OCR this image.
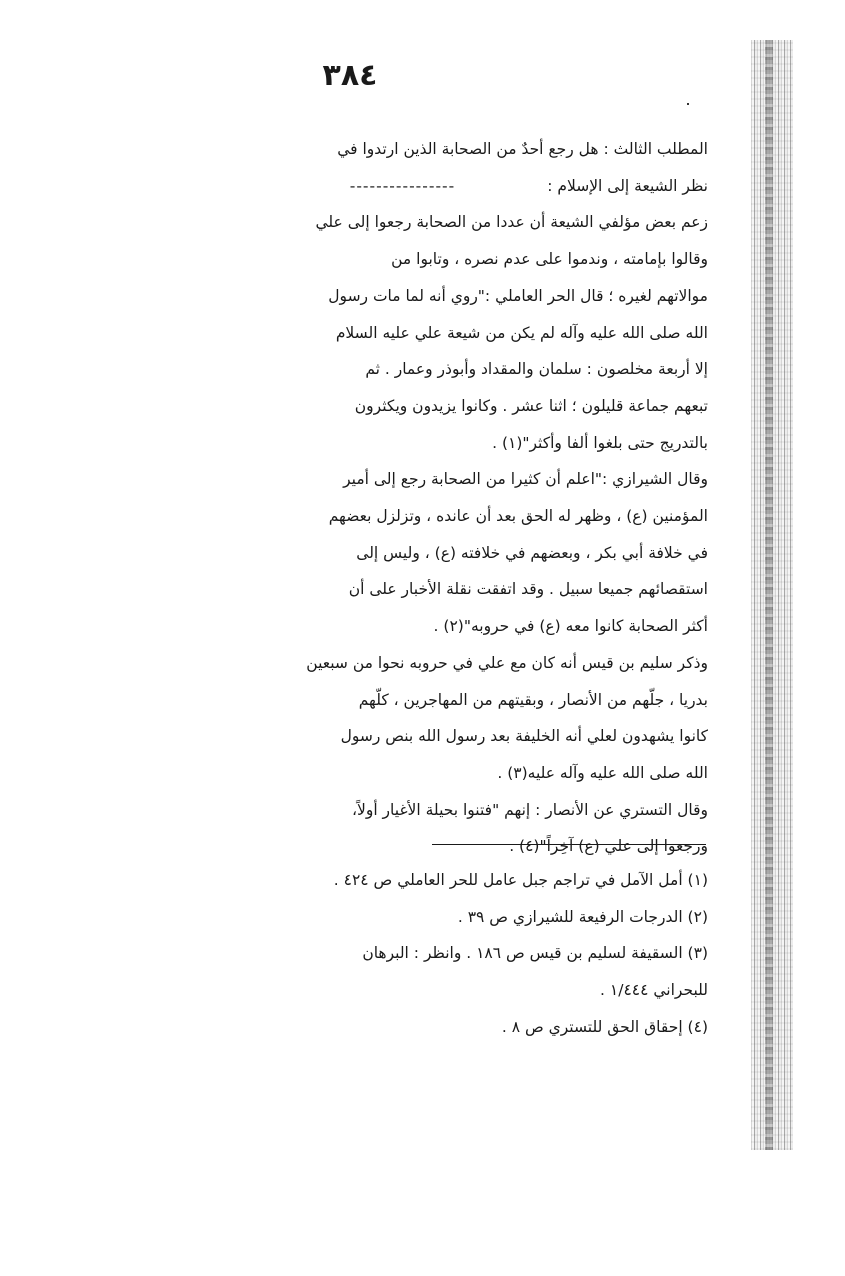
٣٨٤
المطلب الثالث : هل رجع أحدٌ من الصحابة الذين ارتدوا في
نظر الشيعة إلى الإسلام :----------------
زعم بعض مؤلفي الشيعة أن عددا من الصحابة رجعوا إلى علي
وقالوا بإمامته ، وندموا على عدم نصره ، وتابوا من
موالاتهم لغيره ؛ قال الحر العاملي :"روي أنه لما مات رسول
الله صلى الله عليه وآله لم يكن من شيعة علي عليه السلام
إلا أربعة مخلصون : سلمان والمقداد وأبوذر وعمار . ثم
تبعهم جماعة قليلون ؛ اثنا عشر . وكانوا يزيدون ويكثرون
بالتدريج حتى بلغوا ألفا وأكثر"(١) .
وقال الشيرازي :"اعلم أن كثيرا من الصحابة رجع إلى أمير
المؤمنين (ع) ، وظهر له الحق بعد أن عانده ، وتزلزل بعضهم
في خلافة أبي بكر ، وبعضهم في خلافته (ع) ، وليس إلى
استقصائهم جميعا سبيل . وقد اتفقت نقلة الأخبار على أن
أكثر الصحابة كانوا معه (ع) في حروبه"(٢) .
وذكر سليم بن قيس أنه كان مع علي في حروبه نحوا من سبعين
بدريا ، جلّهم من الأنصار ، وبقيتهم من المهاجرين ، كلّهم
كانوا يشهدون لعلي أنه الخليفة بعد رسول الله بنص رسول
الله صلى الله عليه وآله عليه(٣) .
وقال التستري عن الأنصار : إنهم "فتنوا بحيلة الأغيار أولاً،
ورجعوا إلى علي (ع) آخِراً"(٤) .
(١) أمل الآمل في تراجم جبل عامل للحر العاملي ص ٤٢٤ .
(٢) الدرجات الرفيعة للشيرازي ص ٣٩ .
(٣) السقيفة لسليم بن قيس ص ١٨٦ . وانظر : البرهان
للبحراني ١/٤٤٤ .
(٤) إحقاق الحق للتستري ص ٨ .
